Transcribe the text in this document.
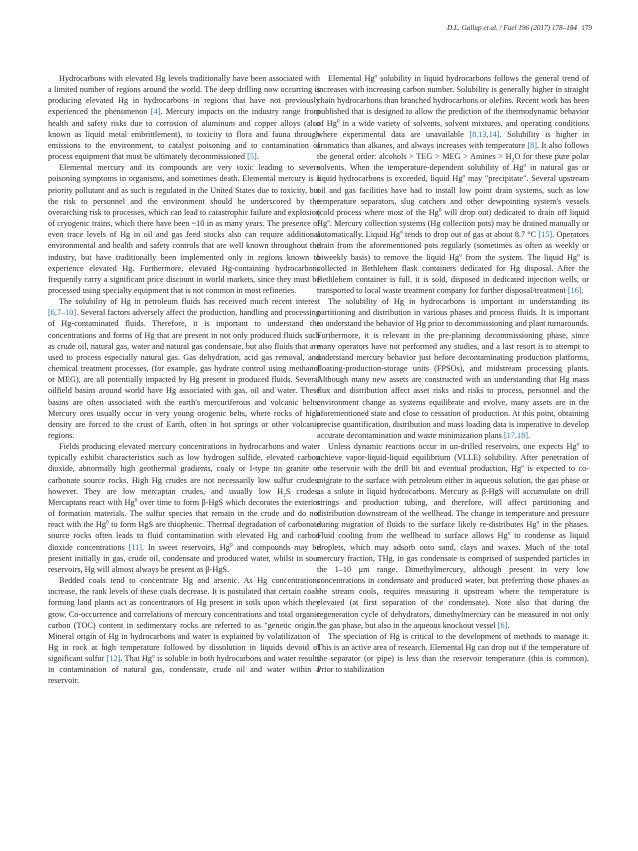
D.L. Gallup et al. / Fuel 196 (2017) 178–184 179

Hydrocarbons with elevated Hg levels traditionally have been associated with a limited number of regions around the world. The deep drilling now occurring is producing elevated Hg in hydrocarbons in regions that have not previously experienced the phenomenon [4]. Mercury impacts on the industry range from health and safety risks due to corrosion of aluminum and copper alloys (also known as liquid metal embrittlement), to toxicity to flora and fauna through emissions to the environment, to catalyst poisoning and to contamination of process equipment that must be ultimately decommissioned [5].

Elemental mercury and its compounds are very toxic leading to severe poisoning symptoms in organisms, and sometimes death. Elemental mercury is a priority pollutant and as such is regulated in the United States due to toxicity, but the risk to personnel and the environment should be underscored by the overarching risk to processes, which can lead to catastrophic failure and explosion of cryogenic trains, which there have been ~10 in as many years. The presence of even trace levels of Hg in oil and gas feed stocks also can require additional environmental and health and safety controls that are well known throughout the industry, but have traditionally been implemented only in regions known to experience elevated Hg. Furthermore, elevated Hg-containing hydrocarbons frequently carry a significant price discount in world markets, since they must be processed using specialty equipment that is not common in most refineries.

The solubility of Hg in petroleum fluids has received much recent interest [6,7–10]. Several factors adversely affect the production, handling and processing of Hg-contaminated fluids. Therefore, it is important to understand the concentrations and forms of Hg that are present in not only produced fluids such as crude oil, natural gas, water and natural gas condensate, but also fluids that are used to process especially natural gas. Gas dehydration, acid gas removal, and chemical treatment processes, (for example, gas hydrate control using methanol or MEG), are all potentially impacted by Hg present in produced fluids. Several oilfield basins around world have Hg associated with gas, oil and water. These basins are often associated with the earth's mercuriferous and volcanic belts. Mercury ores usually occur in very young orogenic belts, where rocks of high density are forced to the crust of Earth, often in hot springs or other volcanic regions.

Fields producing elevated mercury concentrations in hydrocarbons and water typically exhibit characteristics such as low hydrogen sulfide, elevated carbon dioxide, abnormally high geothermal gradients, coaly or I-type tin granite or carbonate source rocks. High Hg crudes are not necessarily low sulfur crudes, however. They are low mercaptan crudes, and usually low $H_2S$ crudes. Mercaptans react with Hg$^0$ over time to form β-HgS which decorates the exterior of formation materials. The sulfur species that remain in the crude and do not react with the Hg$^0$ to form HgS are thiophenic. Thermal degradation of carbonate source rocks often leads to fluid contamination with elevated Hg and carbon dioxide concentrations [11]. In sweet reservoirs, Hg$^0$ and compounds may be present initially in gas, crude oil, condensate and produced water, whilst in sour reservoirs, Hg will almost always be present as β-HgS.

Bedded coals tend to concentrate Hg and arsenic. As Hg concentrations increase, the rank levels of these coals decrease. It is postulated that certain coal-forming land plants act as concentrators of Hg present in soils upon which they grow. Co-occurrence and correlations of mercury concentrations and total organic carbon (TOC) content in sedimentary rocks are referred to as "genetic origin." Mineral origin of Hg in hydrocarbons and water is explained by volatilization of Hg in rock at high temperature followed by dissolution in liquids devoid of significant sulfur [12]. That Hg$^o$ is soluble in both hydrocarbons and water results in contamination of natural gas, condensate, crude oil and water within a reservoir.

Elemental Hg$^o$ solubility in liquid hydrocarbons follows the general trend of increases with increasing carbon number. Solubility is generally higher in straight chain hydrocarbons than branched hydrocarbons or olefins. Recent work has been published that is designed to allow the prediction of the thermodynamic behavior of Hg$^0$ in a wide variety of solvents, solvent mixtures, and operating conditions where experimental data are unavailable [8,13,14]. Solubility is higher in aromatics than alkanes, and always increases with temperature [8]. It also follows the general order: alcohols > TEG > MEG > Amines > $H_2O$ for these pure polar solvents. When the temperature-dependent solubility of Hg$^o$ in natural gas or liquid hydrocarbons is exceeded, liquid Hg$^o$ may "precipitate". Several upstream oil and gas facilities have had to install low point drain systems, such as low temperature separators, slug catchers and other dewpointing system's vessels (cold process where most of the Hg$^0$ will drop out) dedicated to drain off liquid Hg$^o$. Mercury collection systems (Hg collection pots) may be drained manually or automatically. Liquid Hg$^o$ tends to drop out of gas at about 8.7 °C [15]. Operators drain from the aforementioned pots regularly (sometimes as often as weekly or biweekly basis) to remove the liquid Hg$^o$ from the system. The liquid Hg$^o$ is collected in Bethlehem flask containers dedicated for Hg disposal. After the Bethlehem container is full, it is sold, disposed in dedicated injection wells, or transported to local waste treatment company for further disposal/treatment [16].

The solubility of Hg in hydrocarbons is important in understanding its partitioning and distribution in various phases and process fluids. It is important to understand the behavior of Hg prior to decommissioning and plant turnarounds. Furthermore, it is relevant in the pre-planning decommissioning phase, since many operators have not performed any studies, and a last resort is to attempt to understand mercury behavior just before decontaminating production platforms, floating-production-storage units (FPSOs), and midstream processing plants. Although many new assets are constructed with an understanding that Hg mass flux and distribution affect asset risks and risks to process, personnel and the environment change as systems equilibrate and evolve, many assets are in the aforementioned state and close to cessation of production. At this point, obtaining precise quantification, distribution and mass loading data is imperative to develop accurate decontamination and waste minimization plans [17,18].

Unless dynamic reactions occur in un-drilled reservoirs, one expects Hg$^o$ to achieve vapor-liquid-liquid equilibrium (VLLE) solubility. After penetration of the reservoir with the drill bit and eventual production, Hg$^o$ is expected to co-migrate to the surface with petroleum either in aqueous solution, the gas phase or as a solute in liquid hydrocarbons. Mercury as β-HgS will accumulate on drill strings and production tubing, and therefore, will affect partitioning and distribution downstream of the wellhead. The change in temperature and pressure during migration of fluids to the surface likely re-distributes Hg$^o$ in the phases. Fluid cooling from the wellhead to surface allows Hg$^o$ to condense as liquid droplets, which may adsorb onto sand, clays and waxes. Much of the total mercury fraction, THg, in gas condensate is comprised of suspended particles in the 1–10 μm range. Dimethylmercury, although present in very low concentrations in condensate and produced water, but preferring those phases as the stream cools, requires measuring it upstream where the temperature is elevated (at first separation of the condensate). Note also that during the regeneration cycle of dehydrators, dimethylmercury can be measured in not only the gas phase, but also in the aqueous knockout vessel [6].

The speciation of Hg is critical to the development of methods to manage it. This is an active area of research. Elemental Hg can drop out if the temperature of the separator (or pipe) is less than the reservoir temperature (this is common). Prior to stabilization
